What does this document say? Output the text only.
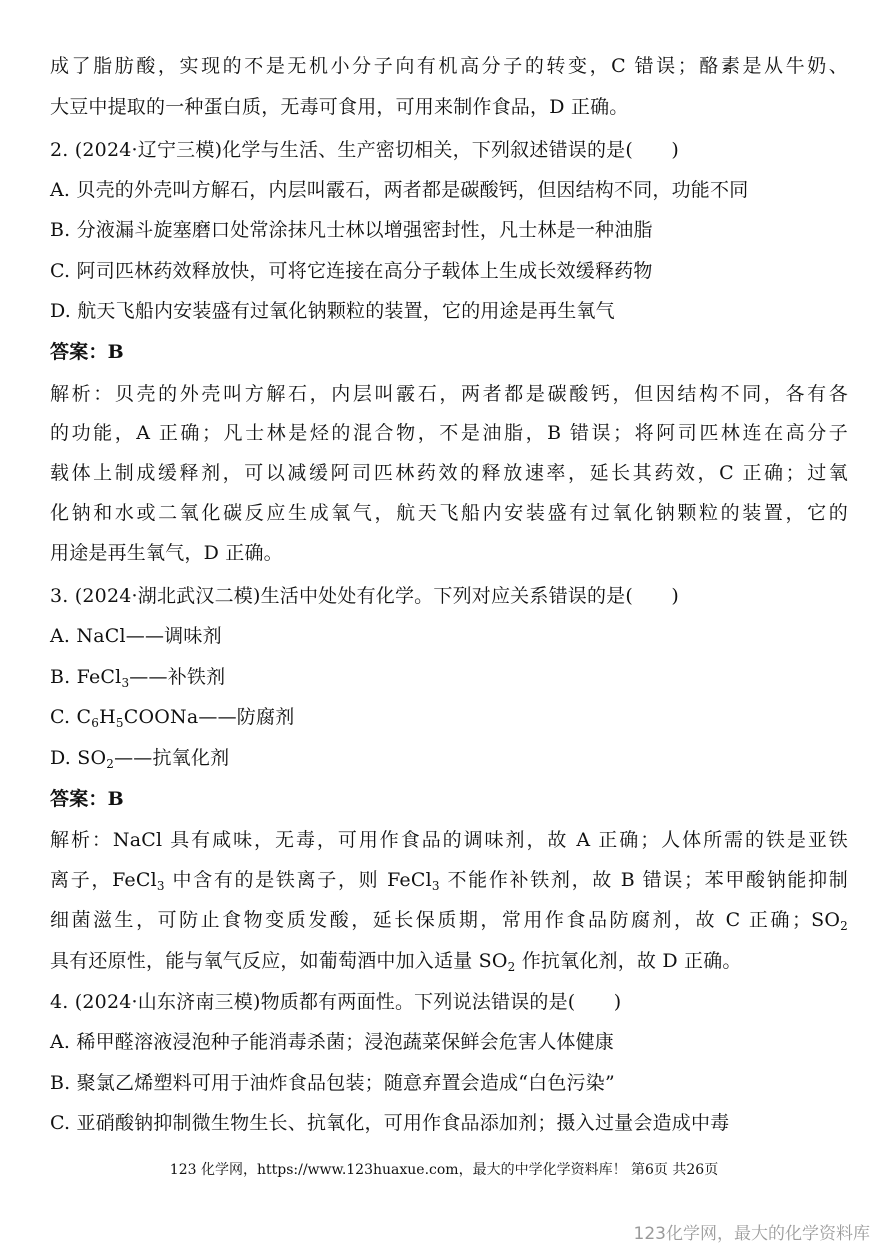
成了脂肪酸，实现的不是无机小分子向有机高分子的转变，C 错误；酪素是从牛奶、
大豆中提取的一种蛋白质，无毒可食用，可用来制作食品，D 正确。
2. (2024·辽宁三模)化学与生活、生产密切相关，下列叙述错误的是(　　)
A. 贝壳的外壳叫方解石，内层叫霰石，两者都是碳酸钙，但因结构不同，功能不同
B. 分液漏斗旋塞磨口处常涂抹凡士林以增强密封性，凡士林是一种油脂
C. 阿司匹林药效释放快，可将它连接在高分子载体上生成长效缓释药物
D. 航天飞船内安装盛有过氧化钠颗粒的装置，它的用途是再生氧气
答案：B
解析：贝壳的外壳叫方解石，内层叫霰石，两者都是碳酸钙，但因结构不同，各有各
的功能，A 正确；凡士林是烃的混合物，不是油脂，B 错误；将阿司匹林连在高分子
载体上制成缓释剂，可以减缓阿司匹林药效的释放速率，延长其药效，C 正确；过氧
化钠和水或二氧化碳反应生成氧气，航天飞船内安装盛有过氧化钠颗粒的装置，它的
用途是再生氧气，D 正确。
3. (2024·湖北武汉二模)生活中处处有化学。下列对应关系错误的是(　　)
A. NaCl——调味剂
B. FeCl$_3$——补铁剂
C. $C_6H_5COONa——$防腐剂
D. $SO_2——$抗氧化剂
答案：B
解析：NaCl 具有咸味，无毒，可用作食品的调味剂，故 A 正确；人体所需的铁是亚铁
离子，FeCl$_3$ 中含有的是铁离子，则 FeCl$_3$ 不能作补铁剂，故 B 错误；苯甲酸钠能抑制
细菌滋生，可防止食物变质发酸，延长保质期，常用作食品防腐剂，故 C 正确；$SO_2$
具有还原性，能与氧气反应，如葡萄酒中加入适量 $SO_2$ 作抗氧化剂，故 D 正确。
4. (2024·山东济南三模)物质都有两面性。下列说法错误的是(　　)
A. 稀甲醛溶液浸泡种子能消毒杀菌；浸泡蔬菜保鲜会危害人体健康
B. 聚氯乙烯塑料可用于油炸食品包装；随意弃置会造成“白色污染”
C. 亚硝酸钠抑制微生物生长、抗氧化，可用作食品添加剂；摄入过量会造成中毒
123 化学网，https://www.123huaxue.com，最大的中学化学资料库！ 第6页 共26页
123化学网，最大的化学资料库
